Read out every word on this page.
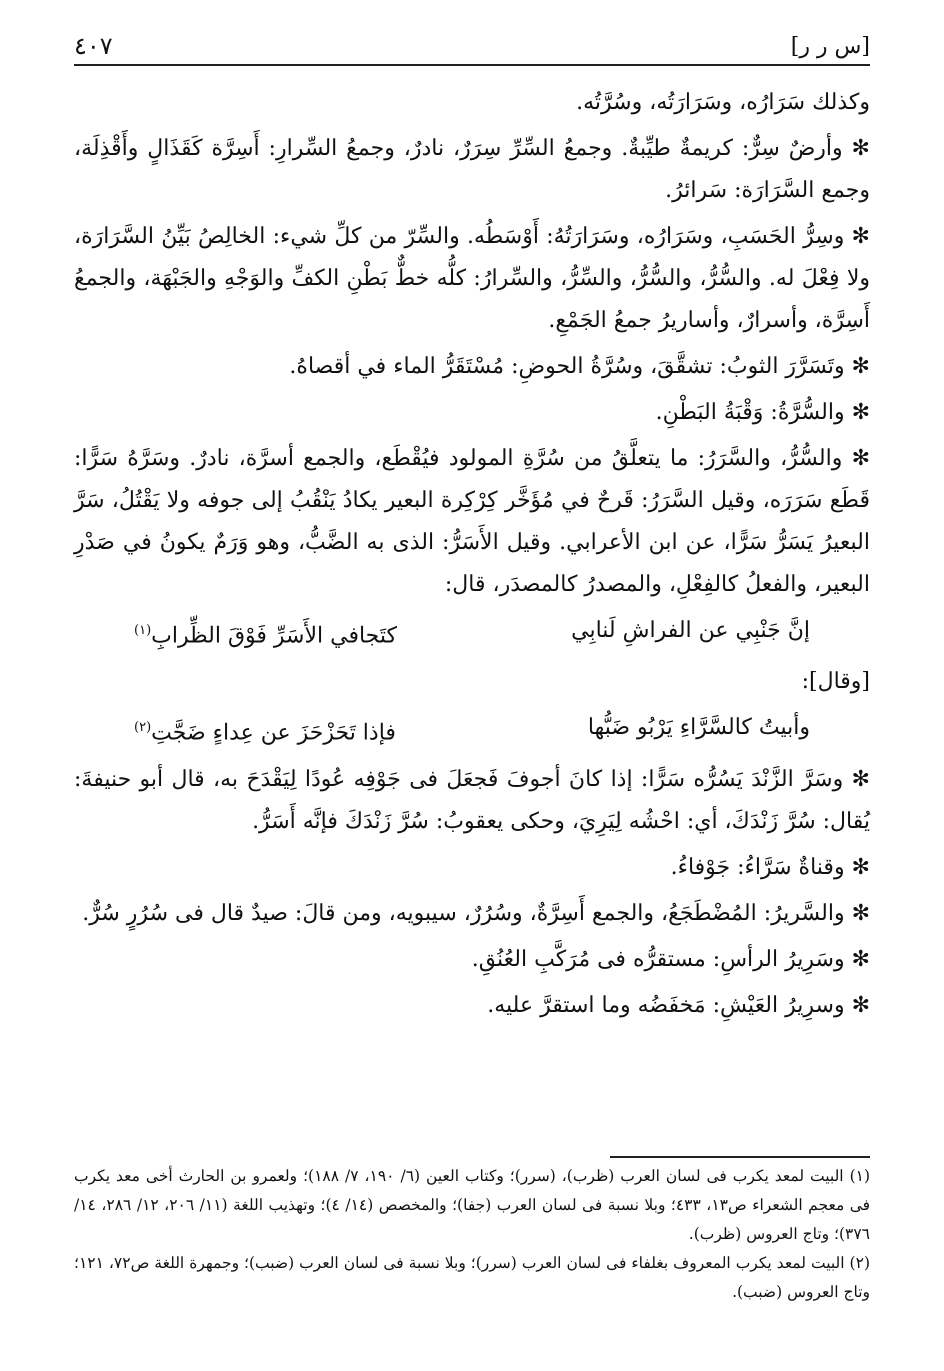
[س ر ر]
٤٠٧

وكذلك سَرَارُه، وسَرَارَتُه، وسُرَّتُه.

✻ وأرضٌ سِرٌّ: كريمةٌ طيِّبةٌ. وجمعُ السِّرِّ سِرَرٌ، نادرٌ، وجمعُ السِّرارِ: أَسِرَّة كَقَذَالٍ وأَقْذِلَة، وجمع السَّرَارَة: سَرائرُ.

✻ وسِرُّ الحَسَبِ، وسَرَارُه، وسَرَارَتُهُ: أَوْسَطُه. والسِّرّ من كلِّ شيء: الخالِصُ بَيِّنُ السَّرَارَة، ولا فِعْلَ له. والسُّرُّ، والسُّرُّ، والسِّرُّ، والسِّرارُ: كلُّه خطٌّ بَطْنِ الكفِّ والوَجْهِ والجَبْهَة، والجمعُ أَسِرَّة، وأسرارٌ، وأساريرُ جمعُ الجَمْعِ.

✻ وتَسَرَّرَ الثوبُ: تشقَّقَ، وسُرَّةُ الحوضِ: مُسْتَقَرُّ الماء في أقصاهُ.

✻ والسُّرَّةُ: وَقْبَةُ البَطْنِ.

✻ والسُّرُّ، والسَّرَرُ: ما يتعلَّقُ من سُرَّةِ المولود فيُقْطَع، والجمع أسرَّة، نادرٌ. وسَرَّهُ سَرًّا: قَطَع سَرَرَه، وقيل السَّرَرُ: قَرحٌ في مُؤَخَّر كِرْكِرة البعير يكادُ يَنْقُبُ إلى جوفه ولا يَقْتُلُ، سَرَّ البعيرُ يَسَرُّ سَرًّا، عن ابن الأعرابي. وقيل الأَسَرُّ: الذى به الضَّبُّ، وهو وَرَمٌ يكونُ في صَدْرِ البعير، والفعلُ كالفِعْلِ، والمصدرُ كالمصدَر، قال:

إنَّ جَنْبِي عن الفراشِ لَنابِي
كتَجافي الأَسَرِّ فَوْقَ الظِّرابِ$^{(١)}$

[وقال]:

وأبيتُ كالسَّرَّاءِ يَرْبُو ضَبُّها
فإذا تَحَزْحَزَ عن عِداءٍ ضَجَّتِ$^{(٢)}$

✻ وسَرَّ الزَّنْدَ يَسُرُّه سَرًّا: إذا كانَ أجوفَ فَجعَلَ فى جَوْفِه عُودًا لِيَقْدَحَ به، قال أبو حنيفةَ: يُقال: سُرَّ زَنْدَكَ، أي: احْشُه لِيَرِيَ، وحكى يعقوبُ: سُرَّ زَنْدَكَ فإنَّه أَسَرُّ.

✻ وقناةٌ سَرَّاءُ: جَوْفاءُ.

✻ والسَّريرُ: المُضْطَجَعُ، والجمع أَسِرَّةٌ، وسُرُرٌ، سيبويه، ومن قالَ: صيدٌ قال فى سُرُرٍ سُرٌّ.

✻ وسَرِيرُ الرأسِ: مستقرُّه فى مُرَكَّبِ العُنُقِ.

✻ وسرِيرُ العَيْشِ: مَخفَضُه وما استقرَّ عليه.

(١) البيت لمعد يكرب فى لسان العرب (ظرب)، (سرر)؛ وكتاب العين (٦/ ١٩٠، ٧/ ١٨٨)؛ ولعمرو بن الحارث أخى معد يكرب فى معجم الشعراء ص١٣، ٤٣٣؛ وبلا نسبة فى لسان العرب (جفا)؛ والمخصص (١٤/ ٤)؛ وتهذيب اللغة (١١/ ٢٠٦، ١٢/ ٢٨٦، ١٤/ ٣٧٦)؛ وتاج العروس (ظرب).

(٢) البيت لمعد يكرب المعروف بغلفاء فى لسان العرب (سرر)؛ وبلا نسبة فى لسان العرب (ضبب)؛ وجمهرة اللغة ص٧٢، ١٢١؛ وتاج العروس (ضبب).
